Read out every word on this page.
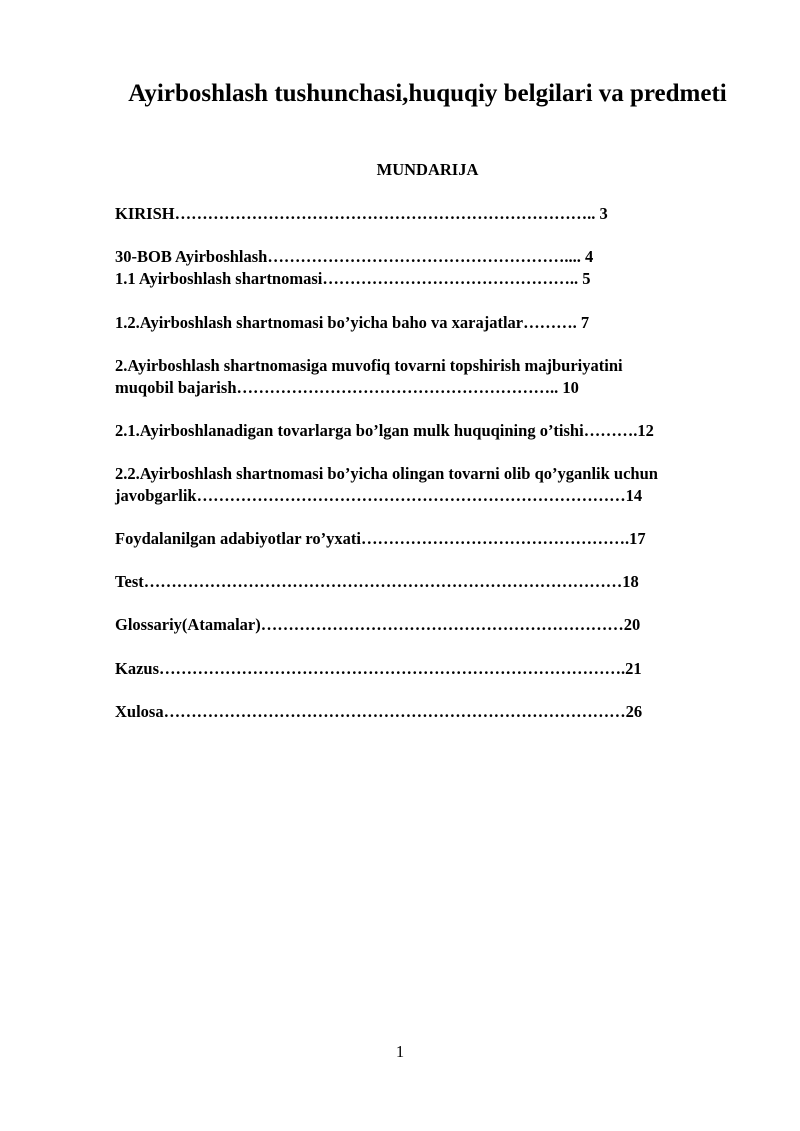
Ayirboshlash tushunchasi,huquqiy belgilari va predmeti
MUNDARIJA
KIRISH………………………………………………………………….. 3
30-BOB Ayirboshlash……………………………………………….... 4
1.1 Ayirboshlash shartnomasi……………………………………….. 5
1.2.Ayirboshlash shartnomasi bo’yicha baho va xarajatlar………. 7
2.Ayirboshlash shartnomasiga muvofiq tovarni topshirish majburiyatini
muqobil bajarish………………………………………………….. 10
2.1.Ayirboshlanadigan tovarlarga bo’lgan mulk huquqining o’tishi……….12
2.2.Ayirboshlash shartnomasi bo’yicha olingan tovarni olib qo’yganlik uchun
javobgarlik……………………………………………………………………14
Foydalanilgan adabiyotlar ro’yxati………………………………………….17
Test……………………………………………………………………………18
Glossariy(Atamalar)…………………………………………………………20
Kazus………………………………………………………………………….21
Xulosa…………………………………………………………………………26
1
